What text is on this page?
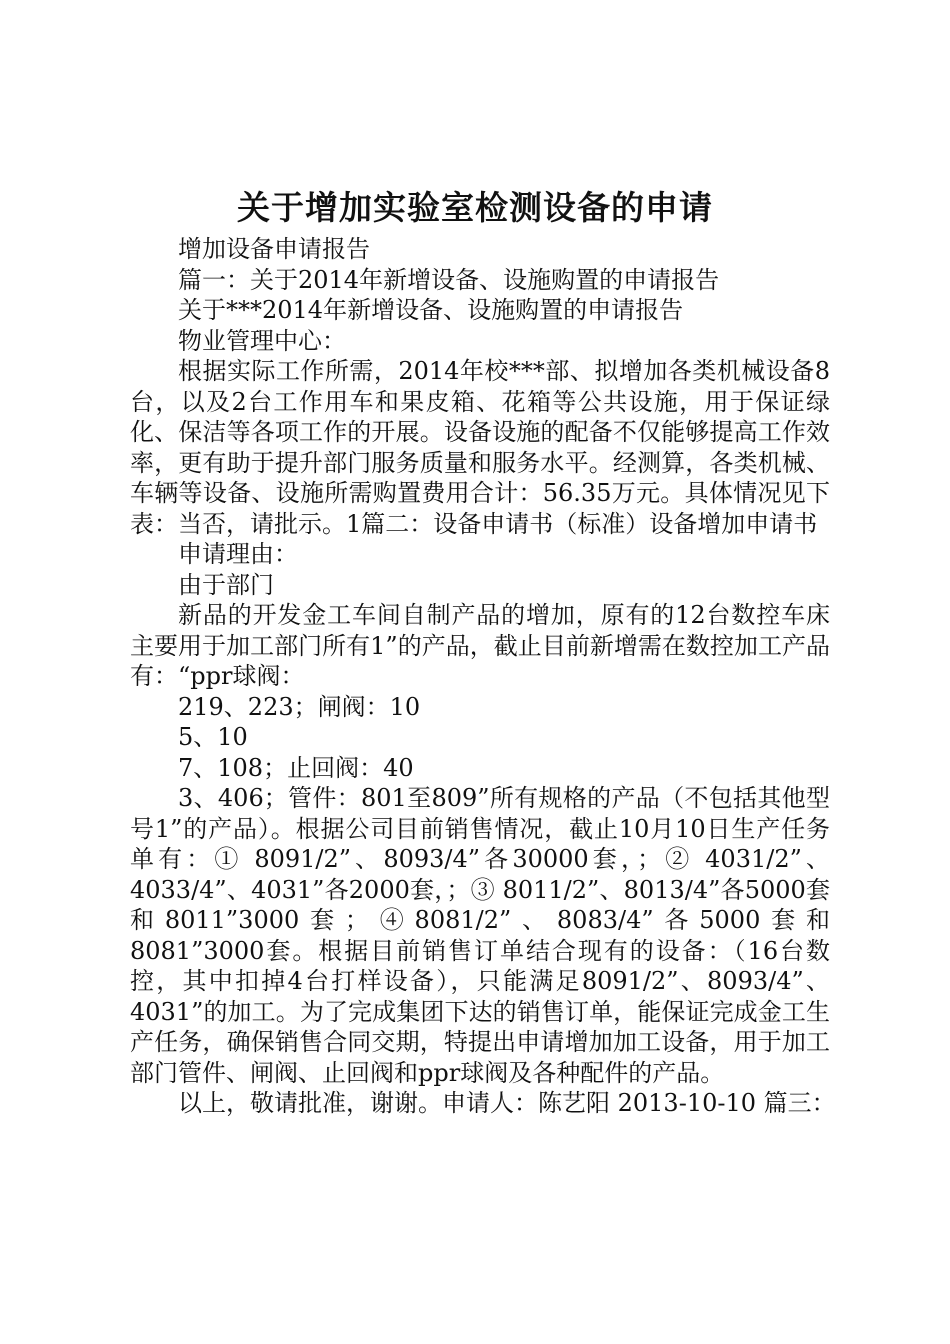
关于增加实验室检测设备的申请

增加设备申请报告

篇一：关于2014年新增设备、设施购置的申请报告

关于***2014年新增设备、设施购置的申请报告

物业管理中心：

根据实际工作所需，2014年校***部、拟增加各类机械设备8台，以及2台工作用车和果皮箱、花箱等公共设施，用于保证绿化、保洁等各项工作的开展。设备设施的配备不仅能够提高工作效率，更有助于提升部门服务质量和服务水平。经测算，各类机械、车辆等设备、设施所需购置费用合计：56.35万元。具体情况见下表：当否，请批示。1篇二：设备申请书（标准）设备增加申请书

申请理由：

由于部门

新品的开发金工车间自制产品的增加，原有的12台数控车床主要用于加工部门所有1”的产品，截止目前新增需在数控加工产品有：“ppr球阀：

219、223；闸阀：10

5、10

7、108；止回阀：40

3、406；管件：801至809”所有规格的产品（不包括其他型号1”的产品）。根据公司目前销售情况，截止10月10日生产任务单有：① 8091/2”、8093/4”各30000套，；② 4031/2”、4033/4”、4031”各2000套，；③ 8011/2”、8013/4”各5000套和8011”3000套；④8081/2”、8083/4”各5000套和8081”3000套。根据目前销售订单结合现有的设备：（16台数控，其中扣掉4台打样设备），只能满足8091/2”、8093/4”、4031”的加工。为了完成集团下达的销售订单，能保证完成金工生产任务，确保销售合同交期，特提出申请增加加工设备，用于加工部门管件、闸阀、止回阀和ppr球阀及各种配件的产品。

以上，敬请批准，谢谢。申请人：陈艺阳 2013-10-10 篇三：
